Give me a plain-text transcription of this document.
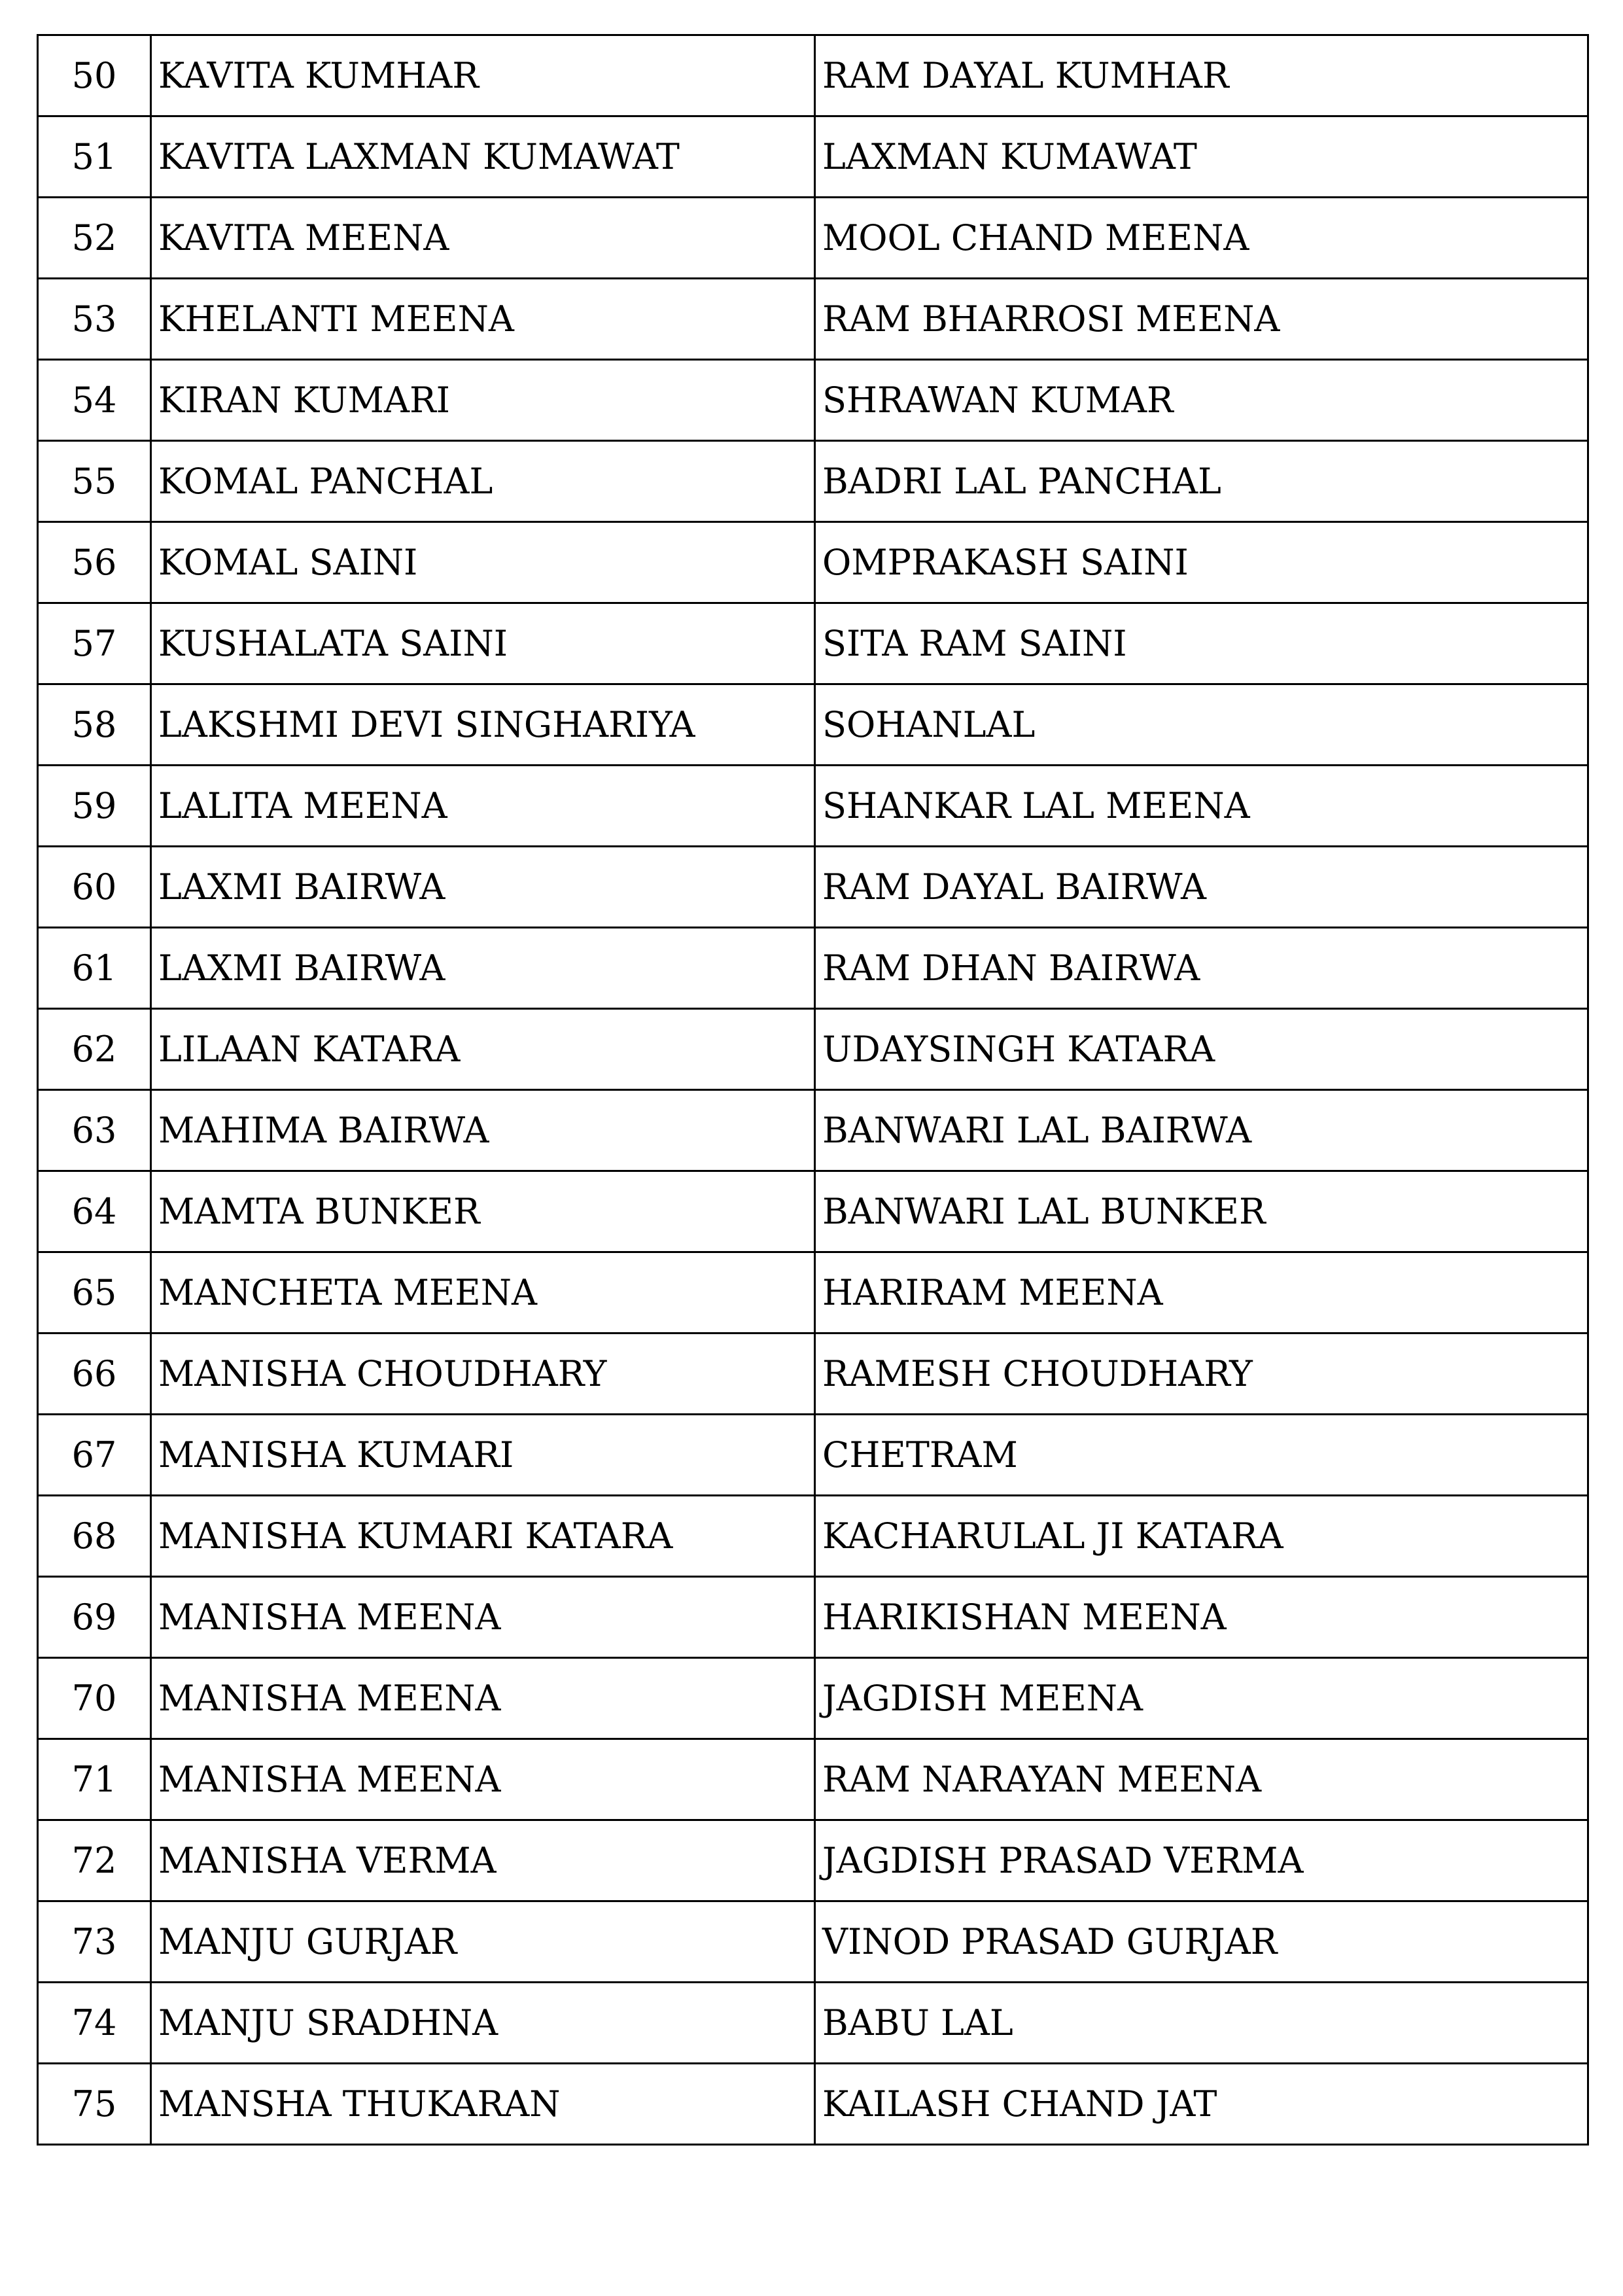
50	KAVITA KUMHAR	RAM DAYAL KUMHAR
51	KAVITA LAXMAN KUMAWAT	LAXMAN KUMAWAT
52	KAVITA MEENA	MOOL CHAND MEENA
53	KHELANTI MEENA	RAM BHARROSI MEENA
54	KIRAN KUMARI	SHRAWAN KUMAR
55	KOMAL PANCHAL	BADRI LAL PANCHAL
56	KOMAL SAINI	OMPRAKASH SAINI
57	KUSHALATA SAINI	SITA RAM SAINI
58	LAKSHMI DEVI SINGHARIYA	SOHANLAL
59	LALITA MEENA	SHANKAR LAL MEENA
60	LAXMI BAIRWA	RAM DAYAL BAIRWA
61	LAXMI BAIRWA	RAM DHAN BAIRWA
62	LILAAN KATARA	UDAYSINGH KATARA
63	MAHIMA BAIRWA	BANWARI LAL BAIRWA
64	MAMTA BUNKER	BANWARI LAL BUNKER
65	MANCHETA MEENA	HARIRAM MEENA
66	MANISHA CHOUDHARY	RAMESH CHOUDHARY
67	MANISHA KUMARI	CHETRAM
68	MANISHA KUMARI KATARA	KACHARULAL JI KATARA
69	MANISHA MEENA	HARIKISHAN MEENA
70	MANISHA MEENA	JAGDISH MEENA
71	MANISHA MEENA	RAM NARAYAN MEENA
72	MANISHA VERMA	JAGDISH PRASAD VERMA
73	MANJU GURJAR	VINOD PRASAD GURJAR
74	MANJU SRADHNA	BABU LAL
75	MANSHA THUKARAN	KAILASH CHAND JAT
